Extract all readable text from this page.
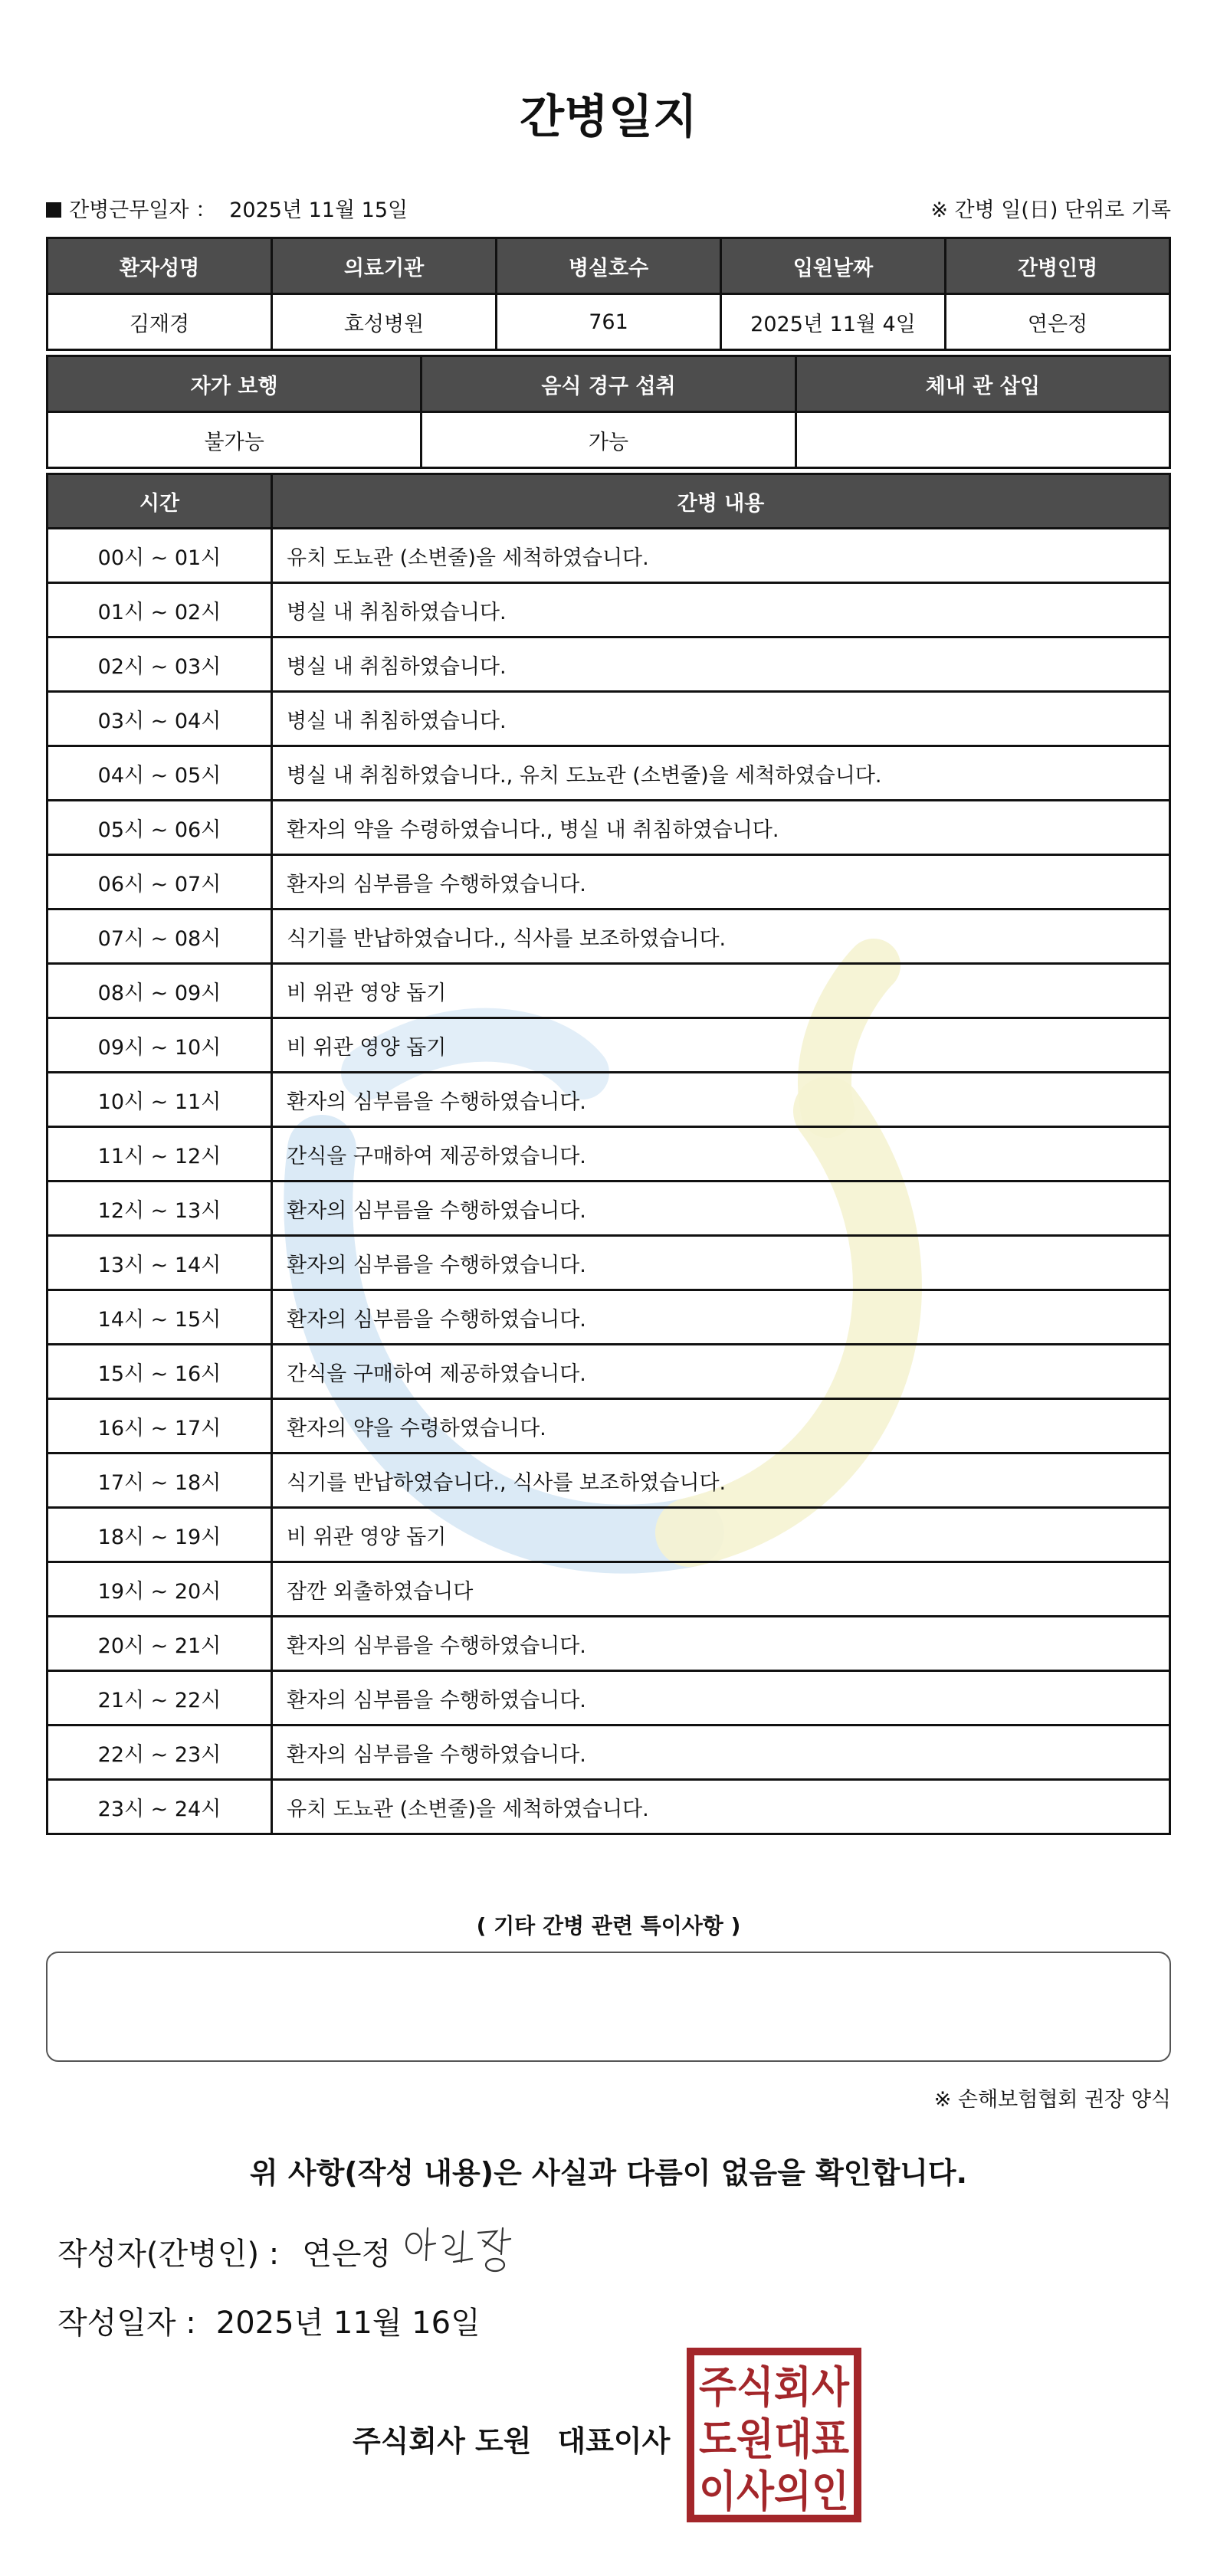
간병일지
간병근무일자 ： 2025년 11월 15일	※ 간병 일(日) 단위로 기록
환자성명	의료기관	병실호수	입원날짜	간병인명
김재경	효성병원	761	2025년 11월 4일	연은정
자가 보행	음식 경구 섭취	체내 관 삽입
불가능	가능	
시간	간병 내용
00시 ~ 01시	유치 도뇨관 (소변줄)을 세척하였습니다.
01시 ~ 02시	병실 내 취침하였습니다.
02시 ~ 03시	병실 내 취침하였습니다.
03시 ~ 04시	병실 내 취침하였습니다.
04시 ~ 05시	병실 내 취침하였습니다., 유치 도뇨관 (소변줄)을 세척하였습니다.
05시 ~ 06시	환자의 약을 수령하였습니다., 병실 내 취침하였습니다.
06시 ~ 07시	환자의 심부름을 수행하였습니다.
07시 ~ 08시	식기를 반납하였습니다., 식사를 보조하였습니다.
08시 ~ 09시	비 위관 영양 돕기
09시 ~ 10시	비 위관 영양 돕기
10시 ~ 11시	환자의 심부름을 수행하였습니다.
11시 ~ 12시	간식을 구매하여 제공하였습니다.
12시 ~ 13시	환자의 심부름을 수행하였습니다.
13시 ~ 14시	환자의 심부름을 수행하였습니다.
14시 ~ 15시	환자의 심부름을 수행하였습니다.
15시 ~ 16시	간식을 구매하여 제공하였습니다.
16시 ~ 17시	환자의 약을 수령하였습니다.
17시 ~ 18시	식기를 반납하였습니다., 식사를 보조하였습니다.
18시 ~ 19시	비 위관 영양 돕기
19시 ~ 20시	잠깐 외출하였습니다
20시 ~ 21시	환자의 심부름을 수행하였습니다.
21시 ~ 22시	환자의 심부름을 수행하였습니다.
22시 ~ 23시	환자의 심부름을 수행하였습니다.
23시 ~ 24시	유치 도뇨관 (소변줄)을 세척하였습니다.
( 기타 간병 관련 특이사항 )
※ 손해보험협회 권장 양식
위 사항(작성 내용)은 사실과 다름이 없음을 확인합니다.
작성자(간병인) : 연은정
작성일자 : 2025년 11월 16일
주식회사 도원 대표이사
주식회사
도원대표
이사의인
